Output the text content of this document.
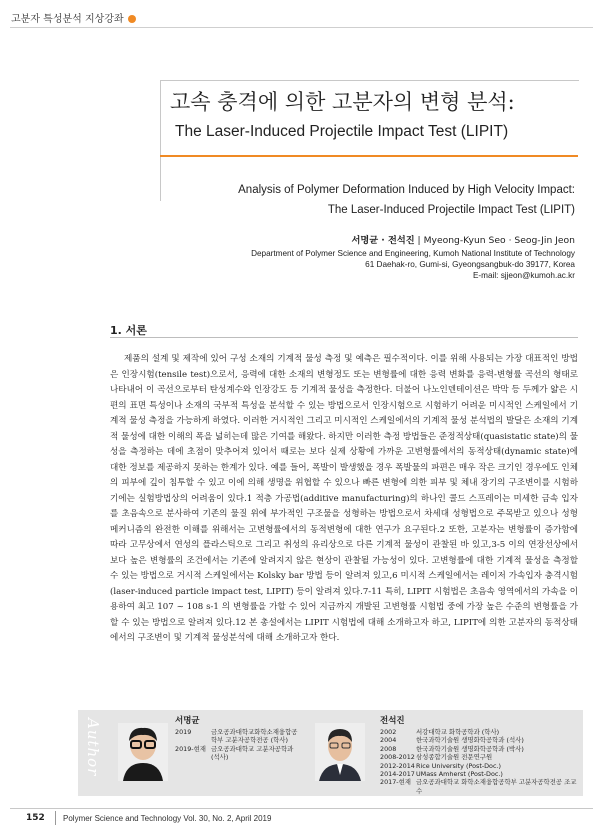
고분자 특성분석 지상강좌
고속 충격에 의한 고분자의 변형 분석:
The Laser-Induced Projectile Impact Test (LIPIT)
Analysis of Polymer Deformation Induced by High Velocity Impact:
The Laser-Induced Projectile Impact Test (LIPIT)
서명균 · 전석진 | Myeong-Kyun Seo · Seog-Jin Jeon
Department of Polymer Science and Engineering, Kumoh National Institute of Technology
61 Daehak-ro, Gumi-si, Gyeongsangbuk-do 39177, Korea
E-mail: sjjeon@kumoh.ac.kr
1. 서론
제품의 설계 및 제작에 있어 구성 소재의 기계적 물성 측정 및 예측은 필수적이다. 이를 위해 사용되는 가장 대표적인 방법은 인장시험(tensile test)으로서, 응력에 대한 소재의 변형정도 또는 변형률에 대한 응력 변화를 응력-변형률 곡선의 형태로 나타내어 이 곡선으로부터 탄성계수와 인장강도 등 기계적 물성을 측정한다. 더불어 나노인덴테이션은 박막 등 두께가 얇은 시편의 표면 특성이나 소재의 국부적 특성을 분석할 수 있는 방법으로서 인장시험으로 시험하기 어려운 미시적인 스케일에서 기계적 물성 측정을 가능하게 하였다. 이러한 거시적인 그리고 미시적인 스케일에서의 기계적 물성 분석법의 발달은 소재의 기계적 물성에 대한 이해의 폭을 넓히는데 많은 기여를 해왔다. 하지만 이러한 측정 방법들은 준정적상태(quasistatic state)의 물성을 측정하는 데에 초점이 맞추어져 있어서 때로는 보다 실제 상황에 가까운 고변형률에서의 동적상태(dynamic state)에 대한 정보를 제공하지 못하는 한계가 있다. 예를 들어, 폭발이 발생했을 경우 폭발물의 파편은 매우 작은 크기인 경우에도 인체의 피부에 깊이 침투할 수 있고 이에 의해 생명을 위협할 수 있으나 빠른 변형에 의한 피부 및 체내 장기의 구조변이를 시험하기에는 실험방법상의 어려움이 있다.1 적층 가공법(additive manufacturing)의 하나인 콜드 스프레이는 미세한 금속 입자를 초음속으로 분사하여 기존의 물질 위에 부가적인 구조물을 성형하는 방법으로서 차세대 성형법으로 주목받고 있으나 성형 메커니즘의 완전한 이해를 위해서는 고변형률에서의 동적변형에 대한 연구가 요구된다.2 또한, 고분자는 변형률이 증가함에 따라 고무상에서 연성의 플라스틱으로 그리고 취성의 유리상으로 다른 기계적 물성이 관찰된 바 있고,3-5 이의 연장선상에서 보다 높은 변형률의 조건에서는 기존에 알려지지 않은 현상이 관찰될 가능성이 있다. 고변형률에 대한 기계적 물성을 측정할 수 있는 방법으로 거시적 스케일에서는 Kolsky bar 방법 등이 알려져 있고,6 미시적 스케일에서는 레이저 가속입자 충격시험(laser-induced particle impact test, LIPIT) 등이 알려져 있다.7-11 특히, LIPIT 시험법은 초음속 영역에서의 가속을 이용하여 최고 107 ~ 108 s-1 의 변형률을 가할 수 있어 지금까지 개발된 고변형률 시험법 중에 가장 높은 수준의 변형률을 가할 수 있는 방법으로 알려져 있다.12 본 총설에서는 LIPIT 시험법에 대해 소개하고자 하고, LIPIT에 의한 고분자의 동적상태에서의 구조변이 및 기계적 물성분석에 대해 소개하고자 한다.
Author	서명균
2019	금오공과대학교화학소재융합공학부 고분자공학전공 (학사)
2019-현재 금오공과대학교 고분자공학과 (석사)
전석진
2002	서강대학교 화학공학과 (학사)
2004	한국과학기술원 생명화학공학과 (석사)
2008	한국과학기술원 생명화학공학과 (박사)
2008-2012 삼성종합기술원 전문연구원
2012-2014 Rice University (Post-Doc.)
2014-2017 UMass Amherst (Post-Doc.)
2017-현재 금오공과대학교 화학소재융합공학부 고분자공학전공 조교수
152 Polymer Science and Technology Vol. 30, No. 2, April 2019
